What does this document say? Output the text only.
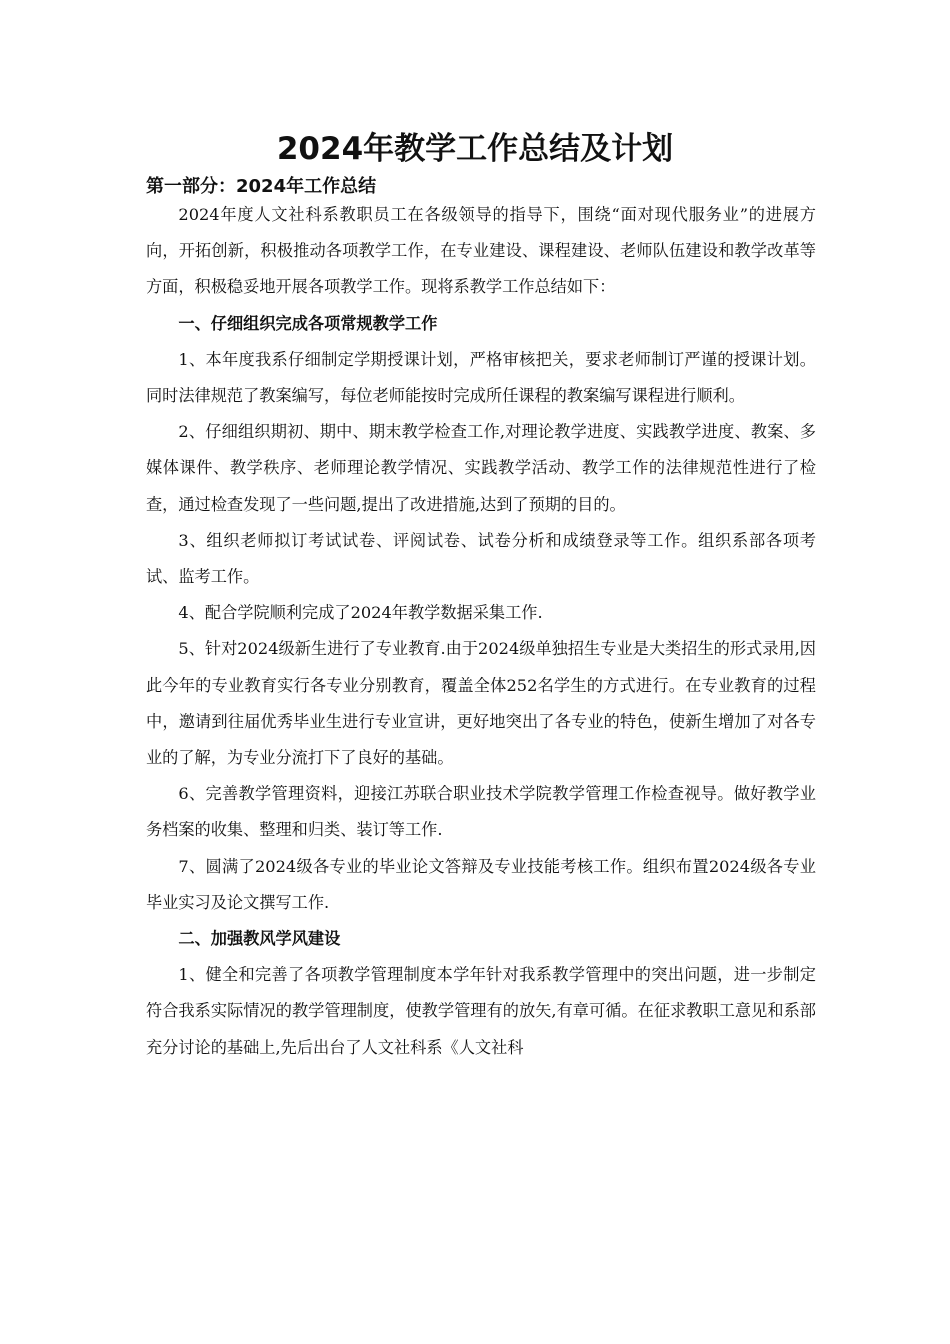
2024年教学工作总结及计划
第一部分：2024年工作总结

2024年度人文社科系教职员工在各级领导的指导下，围绕“面对现代服务业”的进展方向，开拓创新，积极推动各项教学工作，在专业建设、课程建设、老师队伍建设和教学改革等方面，积极稳妥地开展各项教学工作。现将系教学工作总结如下：

一、仔细组织完成各项常规教学工作

1、本年度我系仔细制定学期授课计划，严格审核把关，要求老师制订严谨的授课计划。同时法律规范了教案编写，每位老师能按时完成所任课程的教案编写课程进行顺利。

2、仔细组织期初、期中、期末教学检查工作,对理论教学进度、实践教学进度、教案、多媒体课件、教学秩序、老师理论教学情况、实践教学活动、教学工作的法律规范性进行了检查，通过检查发现了一些问题,提出了改进措施,达到了预期的目的。

3、组织老师拟订考试试卷、评阅试卷、试卷分析和成绩登录等工作。组织系部各项考试、监考工作。

4、配合学院顺利完成了2024年教学数据采集工作.

5、针对2024级新生进行了专业教育.由于2024级单独招生专业是大类招生的形式录用,因此今年的专业教育实行各专业分别教育，覆盖全体252名学生的方式进行。在专业教育的过程中，邀请到往届优秀毕业生进行专业宣讲，更好地突出了各专业的特色，使新生增加了对各专业的了解，为专业分流打下了良好的基础。

6、完善教学管理资料，迎接江苏联合职业技术学院教学管理工作检查视导。做好教学业务档案的收集、整理和归类、装订等工作.

7、圆满了2024级各专业的毕业论文答辩及专业技能考核工作。组织布置2024级各专业毕业实习及论文撰写工作.

二、加强教风学风建设

1、健全和完善了各项教学管理制度本学年针对我系教学管理中的突出问题，进一步制定符合我系实际情况的教学管理制度，使教学管理有的放矢,有章可循。在征求教职工意见和系部充分讨论的基础上,先后出台了人文社科系《人文社科
